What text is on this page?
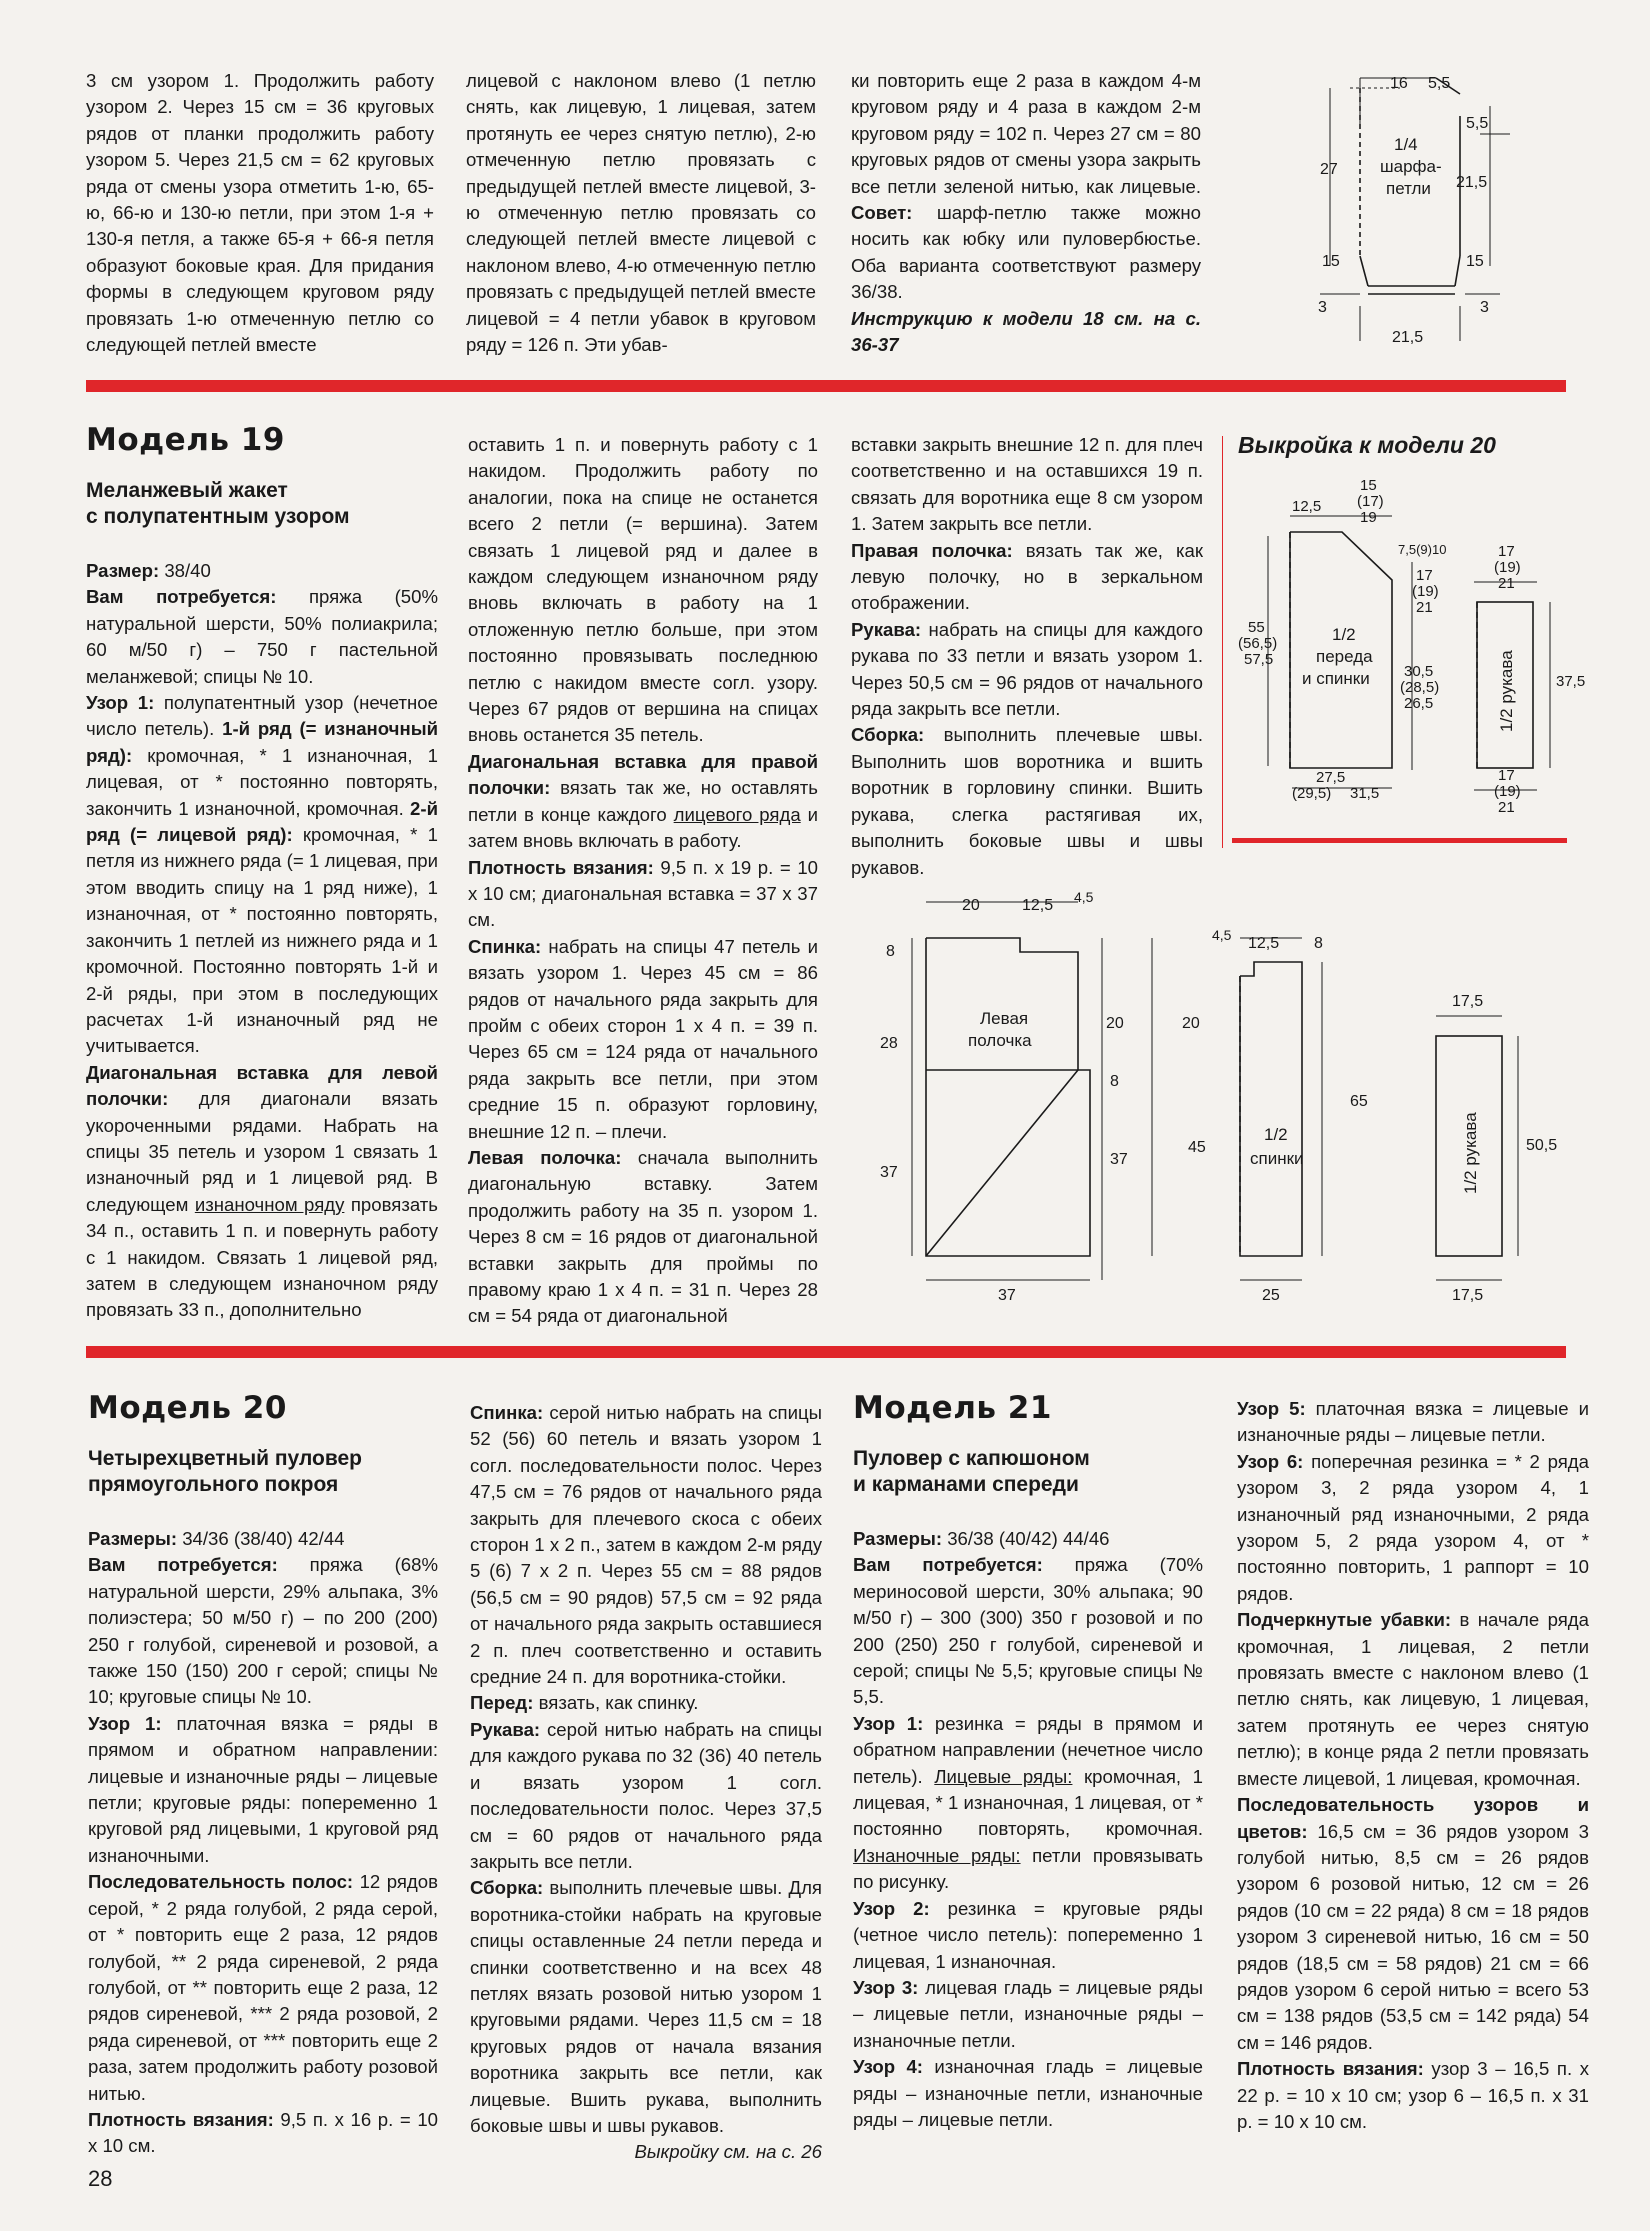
3 см узором 1. Продолжить работу узором 2. Через 15 см = 36 круговых рядов от планки продолжить работу узором 5. Через 21,5 см = 62 круговых ряда от смены узора отметить 1-ю, 65-ю, 66-ю и 130-ю петли, при этом 1-я + 130-я петля, а также 65-я + 66-я петля образуют боковые края. Для придания формы в следующем круговом ряду провязать 1-ю отмеченную петлю со следующей петлей вместе

лицевой с наклоном влево (1 петлю снять, как лицевую, 1 лицевая, затем протянуть ее через снятую петлю), 2-ю отмеченную петлю провязать с предыдущей петлей вместе лицевой, 3-ю отмеченную петлю провязать со следующей петлей вместе лицевой с наклоном влево, 4-ю отмеченную петлю провязать с предыдущей петлей вместе лицевой = 4 петли убавок в круговом ряду = 126 п. Эти убав-

ки повторить еще 2 раза в каждом 4-м круговом ряду и 4 раза в каждом 2-м круговом ряду = 102 п. Через 27 см = 80 круговых рядов от смены узора закрыть все петли зеленой нитью, как лицевые. Совет: шарф-петлю также можно носить как юбку или пуловербюстье. Оба варианта соответствуют размеру 36/38.

Инструкцию к модели 18 см. на с. 36-37

16 5,5
5,5
27
21,5
15	15
3	3
21,5
1/4
шарфа-
петли
Модель 19
Меланжевый жакет
с полупатентным узором

Размер: 38/40

Вам потребуется: пряжа (50% натуральной шерсти, 50% полиакрила; 60 м/50 г) – 750 г пастельной меланжевой; спицы № 10.

Узор 1: полупатентный узор (нечетное число петель). 1-й ряд (= изнаночный ряд): кромочная, * 1 изнаночная, 1 лицевая, от * постоянно повторять, закончить 1 изнаночной, кромочная. 2-й ряд (= лицевой ряд): кромочная, * 1 петля из нижнего ряда (= 1 лицевая, при этом вводить спицу на 1 ряд ниже), 1 изнаночная, от * постоянно повторять, закончить 1 петлей из нижнего ряда и 1 кромочной. Постоянно повторять 1-й и 2-й ряды, при этом в последующих расчетах 1-й изнаночный ряд не учитывается.

Диагональная вставка для левой полочки: для диагонали вязать укороченными рядами. Набрать на спицы 35 петель и узором 1 связать 1 изнаночный ряд и 1 лицевой ряд. В следующем изнаночном ряду провязать 34 п., оставить 1 п. и повернуть работу с 1 накидом. Связать 1 лицевой ряд, затем в следующем изнаночном ряду провязать 33 п., дополнительно

оставить 1 п. и повернуть работу с 1 накидом. Продолжить работу по аналогии, пока на спице не останется всего 2 петли (= вершина). Затем связать 1 лицевой ряд и далее в каждом следующем изнаночном ряду вновь включать в работу на 1 отложенную петлю больше, при этом постоянно провязывать последнюю петлю с накидом вместе согл. узору. Через 67 рядов от вершина на спицах вновь останется 35 петель.

Диагональная вставка для правой полочки: вязать так же, но оставлять петли в конце каждого лицевого ряда и затем вновь включать в работу.

Плотность вязания: 9,5 п. x 19 р. = 10 x 10 см; диагональная вставка = 37 x 37 см.

Спинка: набрать на спицы 47 петель и вязать узором 1. Через 45 см = 86 рядов от начального ряда закрыть для пройм с обеих сторон 1 x 4 п. = 39 п. Через 65 см = 124 ряда от начального ряда закрыть все петли, при этом средние 15 п. образуют горловину, внешние 12 п. – плечи.

Левая полочка: сначала выполнить диагональную вставку. Затем продолжить работу на 35 п. узором 1. Через 8 см = 16 рядов от диагональной вставки закрыть для проймы по правому краю 1 x 4 п. = 31 п. Через 28 см = 54 ряда от диагональной

вставки закрыть внешние 12 п. для плеч соответственно и на оставшихся 19 п. связать для воротника еще 8 см узором 1. Затем закрыть все петли.

Правая полочка: вязать так же, как левую полочку, но в зеркальном отображении.

Рукава: набрать на спицы для каждого рукава по 33 петли и вязать узором 1. Через 50,5 см = 96 рядов от начального ряда закрыть все петли.

Сборка: выполнить плечевые швы. Выполнить шов воротника и вшить воротник в горловину спинки. Вшить рукава, слегка растягивая их, выполнить боковые швы и швы рукавов.

Выкройка к модели 20
12,5
15
(17)
19
7,5(9)10
17
(19)
21
55
(56,5)
57,5
30,5
(28,5)
26,5
27,5
(29,5) 31,5
17
(19)
21
37,5
17
(19)
21
1/2
переда
и спинки	1/2 рукава
20	12,5 4,5
8
28
20
8
37
37
37
4,5 12,5 8
20
45
65
25
17,5
50,5
17,5
Левая
полочка
1/2
спинки	1/2 рукава
Модель 20
Четырехцветный пуловер
прямоугольного покроя

Размеры: 34/36 (38/40) 42/44

Вам потребуется: пряжа (68% натуральной шерсти, 29% альпака, 3% полиэстера; 50 м/50 г) – по 200 (200) 250 г голубой, сиреневой и розовой, а также 150 (150) 200 г серой; спицы № 10; круговые спицы № 10.

Узор 1: платочная вязка = ряды в прямом и обратном направлении: лицевые и изнаночные ряды – лицевые петли; круговые ряды: попеременно 1 круговой ряд лицевыми, 1 круговой ряд изнаночными.

Последовательность полос: 12 рядов серой, * 2 ряда голубой, 2 ряда серой, от * повторить еще 2 раза, 12 рядов голубой, ** 2 ряда сиреневой, 2 ряда голубой, от ** повторить еще 2 раза, 12 рядов сиреневой, *** 2 ряда розовой, 2 ряда сиреневой, от *** повторить еще 2 раза, затем продолжить работу розовой нитью.

Плотность вязания: 9,5 п. x 16 р. = 10 x 10 см.

Спинка: серой нитью набрать на спицы 52 (56) 60 петель и вязать узором 1 согл. последовательности полос. Через 47,5 см = 76 рядов от начального ряда закрыть для плечевого скоса с обеих сторон 1 x 2 п., затем в каждом 2-м ряду 5 (6) 7 x 2 п. Через 55 см = 88 рядов (56,5 см = 90 рядов) 57,5 см = 92 ряда от начального ряда закрыть оставшиеся 2 п. плеч соответственно и оставить средние 24 п. для воротника-стойки.

Перед: вязать, как спинку.

Рукава: серой нитью набрать на спицы для каждого рукава по 32 (36) 40 петель и вязать узором 1 согл. последовательности полос. Через 37,5 см = 60 рядов от начального ряда закрыть все петли.

Сборка: выполнить плечевые швы. Для воротника-стойки набрать на круговые спицы оставленные 24 петли переда и спинки соответственно и на всех 48 петлях вязать розовой нитью узором 1 круговыми рядами. Через 11,5 см = 18 круговых рядов от начала вязания воротника закрыть все петли, как лицевые. Вшить рукава, выполнить боковые швы и швы рукавов.

Выкройку см. на с. 26

Модель 21
Пуловер с капюшоном
и карманами спереди

Размеры: 36/38 (40/42) 44/46

Вам потребуется: пряжа (70% мериносовой шерсти, 30% альпака; 90 м/50 г) – 300 (300) 350 г розовой и по 200 (250) 250 г голубой, сиреневой и серой; спицы № 5,5; круговые спицы № 5,5.

Узор 1: резинка = ряды в прямом и обратном направлении (нечетное число петель). Лицевые ряды: кромочная, 1 лицевая, * 1 изнаночная, 1 лицевая, от * постоянно повторять, кромочная. Изнаночные ряды: петли провязывать по рисунку.

Узор 2: резинка = круговые ряды (четное число петель): попеременно 1 лицевая, 1 изнаночная.

Узор 3: лицевая гладь = лицевые ряды – лицевые петли, изнаночные ряды – изнаночные петли.

Узор 4: изнаночная гладь = лицевые ряды – изнаночные петли, изнаночные ряды – лицевые петли.

Узор 5: платочная вязка = лицевые и изнаночные ряды – лицевые петли.

Узор 6: поперечная резинка = * 2 ряда узором 3, 2 ряда узором 4, 1 изнаночный ряд изнаночными, 2 ряда узором 5, 2 ряда узором 4, от * постоянно повторить, 1 раппорт = 10 рядов.

Подчеркнутые убавки: в начале ряда кромочная, 1 лицевая, 2 петли провязать вместе с наклоном влево (1 петлю снять, как лицевую, 1 лицевая, затем протянуть ее через снятую петлю); в конце ряда 2 петли провязать вместе лицевой, 1 лицевая, кромочная.

Последовательность узоров и цветов: 16,5 см = 36 рядов узором 3 голубой нитью, 8,5 см = 26 рядов узором 6 розовой нитью, 12 см = 26 рядов (10 см = 22 ряда) 8 см = 18 рядов узором 3 сиреневой нитью, 16 см = 50 рядов (18,5 см = 58 рядов) 21 см = 66 рядов узором 6 серой нитью = всего 53 см = 138 рядов (53,5 см = 142 ряда) 54 см = 146 рядов.

Плотность вязания: узор 3 – 16,5 п. x 22 р. = 10 x 10 см; узор 6 – 16,5 п. x 31 р. = 10 x 10 см.

28
